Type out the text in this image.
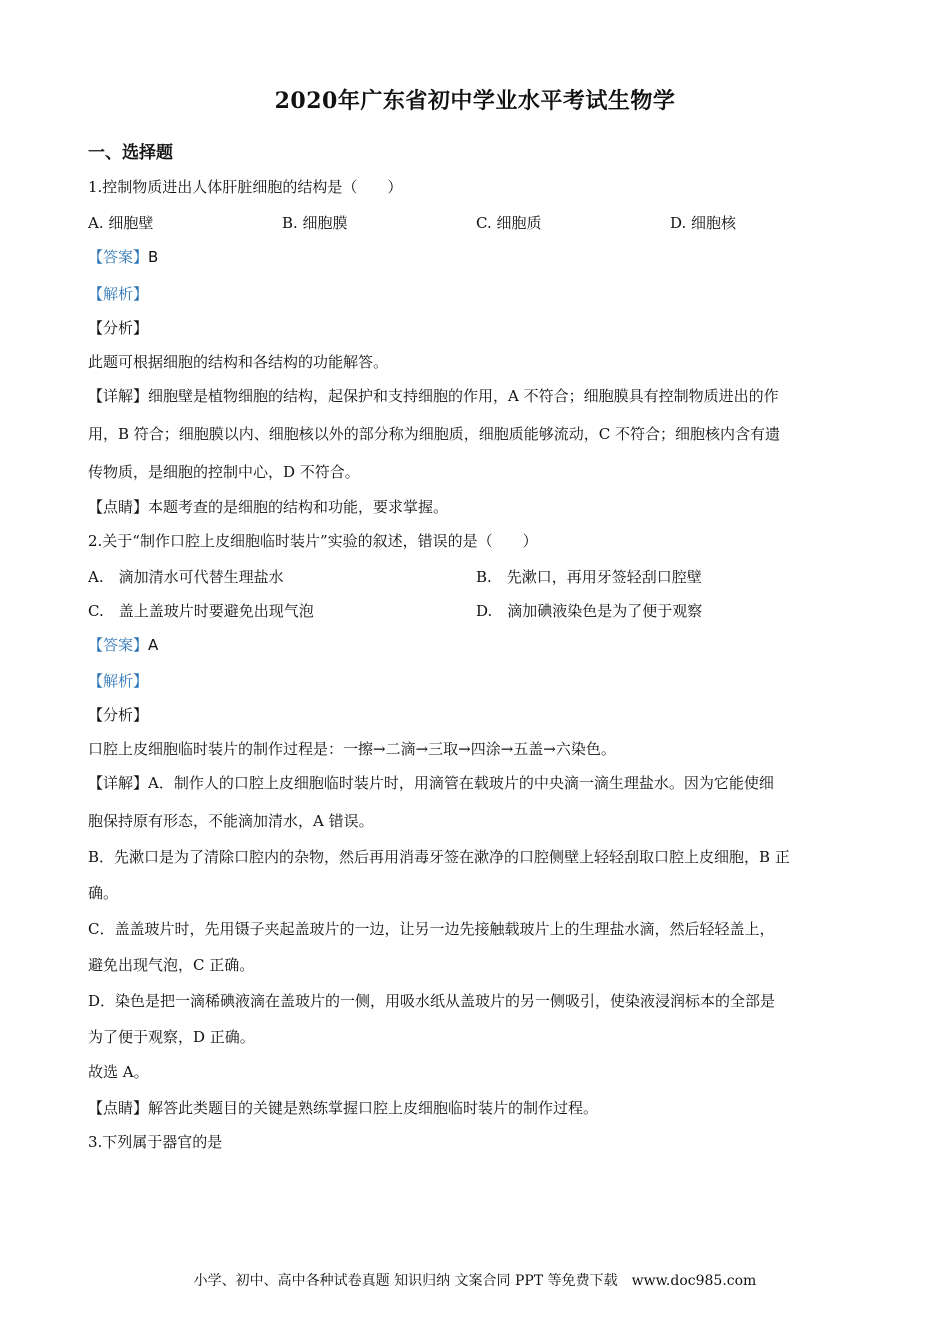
2020年广东省初中学业水平考试生物学
一、选择题
1.控制物质进出人体肝脏细胞的结构是（　　）
A. 细胞壁	B. 细胞膜	C. 细胞质	D. 细胞核
【答案】B
【解析】
【分析】
此题可根据细胞的结构和各结构的功能解答。
【详解】细胞壁是植物细胞的结构，起保护和支持细胞的作用，A 不符合；细胞膜具有控制物质进出的作
用，B 符合；细胞膜以内、细胞核以外的部分称为细胞质，细胞质能够流动，C 不符合；细胞核内含有遗
传物质，是细胞的控制中心，D 不符合。
【点睛】本题考查的是细胞的结构和功能，要求掌握。
2.关于“制作口腔上皮细胞临时装片”实验的叙述，错误的是（　　）
A.　滴加清水可代替生理盐水	B.　先漱口，再用牙签轻刮口腔壁
C.　盖上盖玻片时要避免出现气泡	D.　滴加碘液染色是为了便于观察
【答案】A
【解析】
【分析】
口腔上皮细胞临时装片的制作过程是：一擦→二滴→三取→四涂→五盖→六染色。
【详解】A．制作人的口腔上皮细胞临时装片时，用滴管在载玻片的中央滴一滴生理盐水。因为它能使细
胞保持原有形态，不能滴加清水，A 错误。
B．先漱口是为了清除口腔内的杂物，然后再用消毒牙签在漱净的口腔侧壁上轻轻刮取口腔上皮细胞，B 正
确。
C．盖盖玻片时，先用镊子夹起盖玻片的一边，让另一边先接触载玻片上的生理盐水滴，然后轻轻盖上，
避免出现气泡，C 正确。
D．染色是把一滴稀碘液滴在盖玻片的一侧，用吸水纸从盖玻片的另一侧吸引，使染液浸润标本的全部是
为了便于观察，D 正确。
故选 A。
【点睛】解答此类题目的关键是熟练掌握口腔上皮细胞临时装片的制作过程。
3.下列属于器官的是
小学、初中、高中各种试卷真题 知识归纳 文案合同 PPT 等免费下载　www.doc985.com
